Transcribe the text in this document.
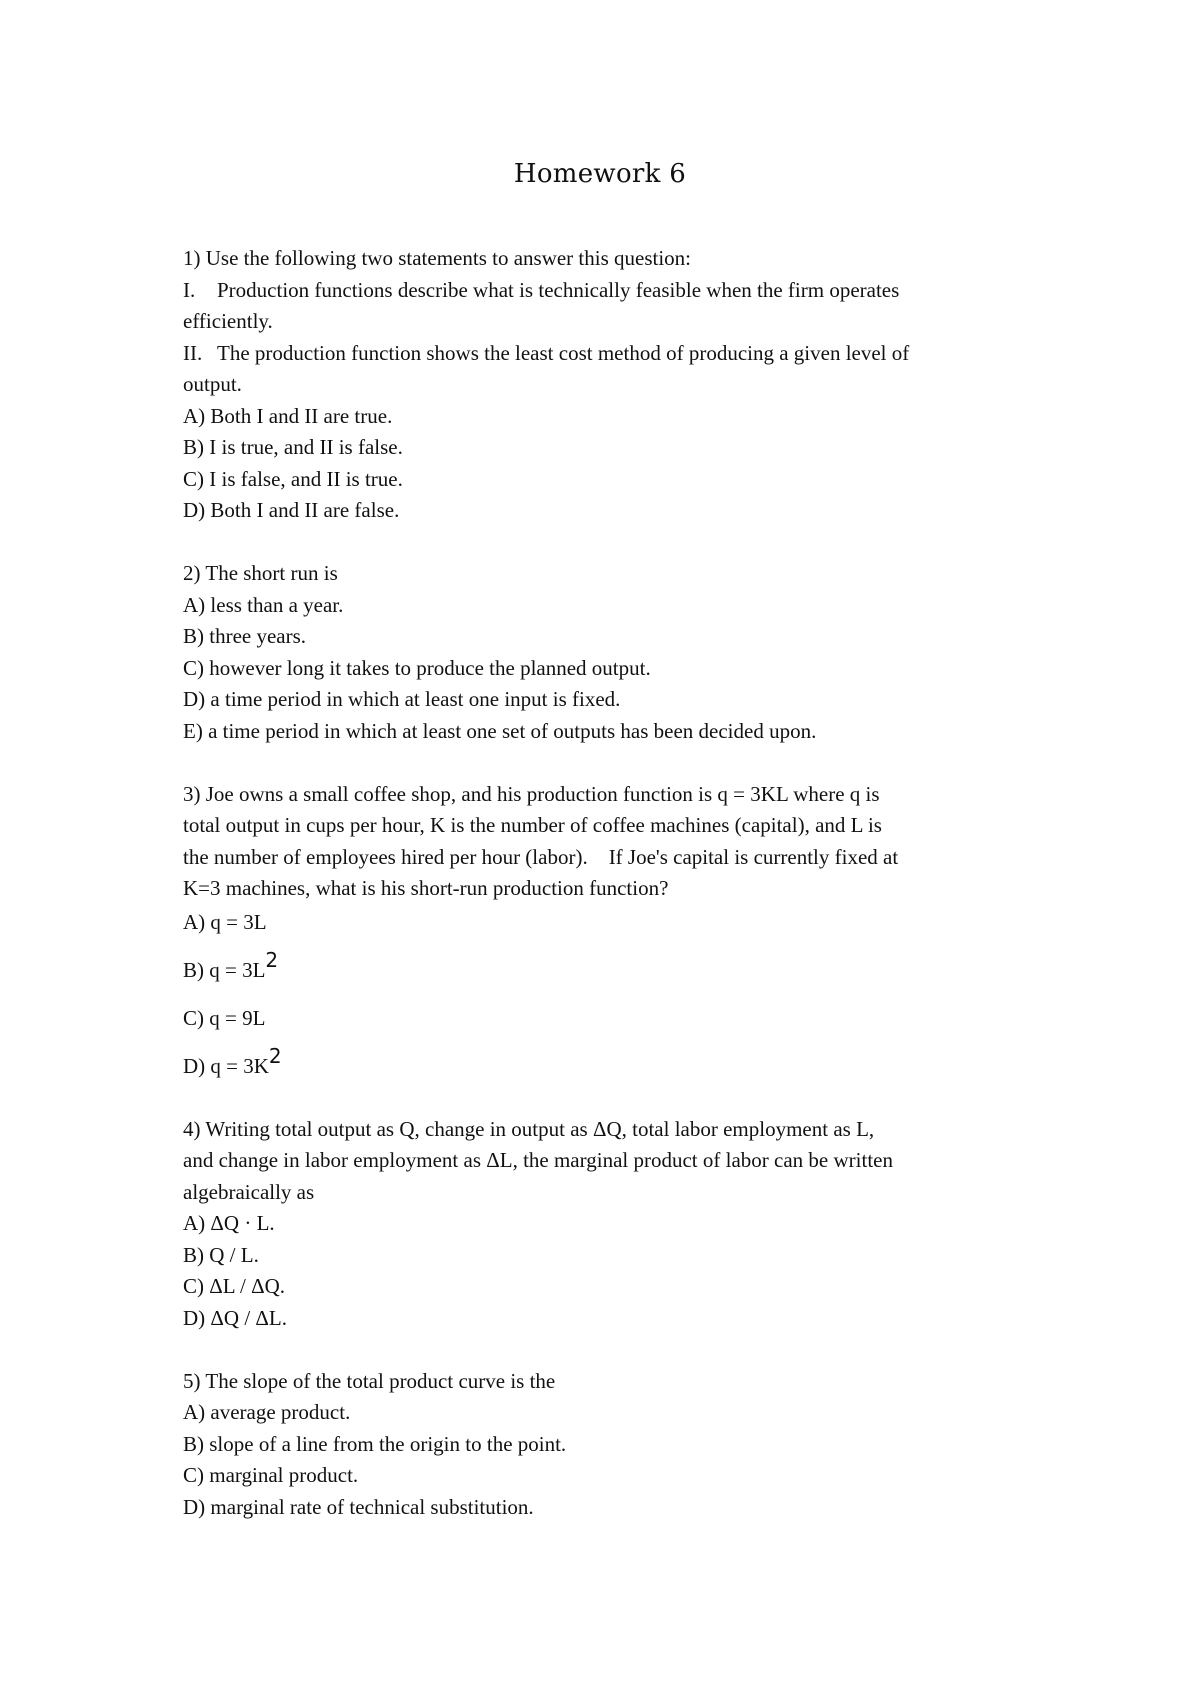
Homework 6

1) Use the following two statements to answer this question:

I. Production functions describe what is technically feasible when the firm operates

efficiently.

II. The production function shows the least cost method of producing a given level of

output.

A) Both I and II are true.

B) I is true, and II is false.

C) I is false, and II is true.

D) Both I and II are false.

2) The short run is

A) less than a year.

B) three years.

C) however long it takes to produce the planned output.

D) a time period in which at least one input is fixed.

E) a time period in which at least one set of outputs has been decided upon.

3) Joe owns a small coffee shop, and his production function is q = 3KL where q is

total output in cups per hour, K is the number of coffee machines (capital), and L is

the number of employees hired per hour (labor).    If Joe's capital is currently fixed at

K=3 machines, what is his short-run production function?

A) q = 3L

B) $q = 3L^2$

C) q = 9L

D) $q = 3K^2$

4) Writing total output as Q, change in output as ΔQ, total labor employment as L,

and change in labor employment as ΔL, the marginal product of labor can be written

algebraically as

A) ΔQ · L.

B) Q / L.

C) ΔL / ΔQ.

D) ΔQ / ΔL.

5) The slope of the total product curve is the

A) average product.

B) slope of a line from the origin to the point.

C) marginal product.

D) marginal rate of technical substitution.
